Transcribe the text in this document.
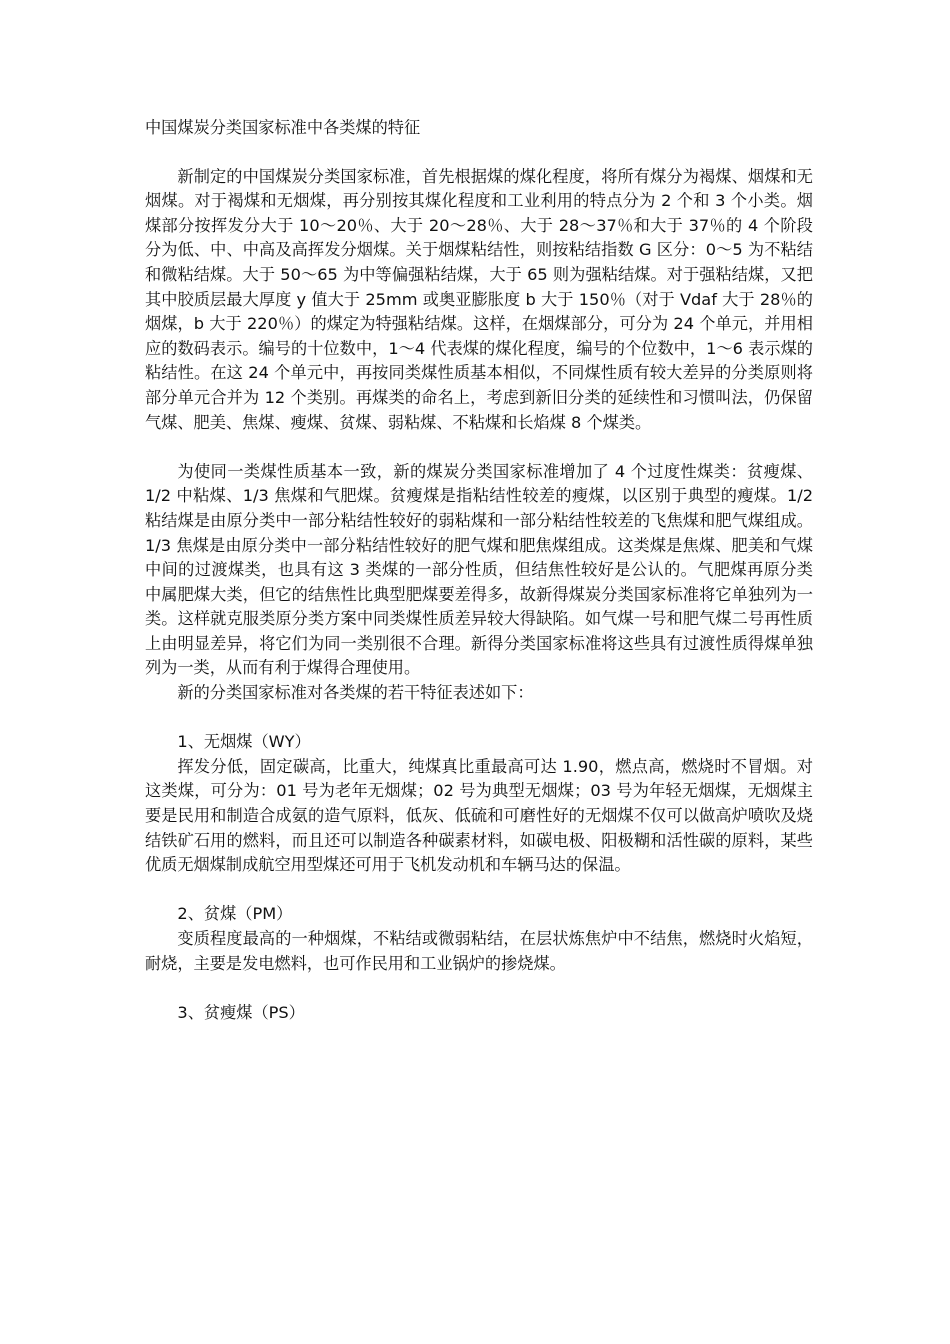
中国煤炭分类国家标准中各类煤的特征

新制定的中国煤炭分类国家标准，首先根据煤的煤化程度，将所有煤分为褐煤、烟煤和无烟煤。对于褐煤和无烟煤，再分别按其煤化程度和工业利用的特点分为 2 个和 3 个小类。烟煤部分按挥发分大于 10～20％、大于 20～28％、大于 28～37％和大于 37％的 4 个阶段分为低、中、中高及高挥发分烟煤。关于烟煤粘结性，则按粘结指数 G 区分：0～5 为不粘结和微粘结煤。大于 50～65 为中等偏强粘结煤，大于 65 则为强粘结煤。对于强粘结煤，又把其中胶质层最大厚度 y 值大于 25mm 或奥亚膨胀度 b 大于 150％（对于 Vdaf 大于 28％的烟煤，b 大于 220％）的煤定为特强粘结煤。这样，在烟煤部分，可分为 24 个单元，并用相应的数码表示。编号的十位数中，1～4 代表煤的煤化程度，编号的个位数中，1～6 表示煤的粘结性。在这 24 个单元中，再按同类煤性质基本相似，不同煤性质有较大差异的分类原则将部分单元合并为 12 个类别。再煤类的命名上，考虑到新旧分类的延续性和习惯叫法，仍保留气煤、肥美、焦煤、瘦煤、贫煤、弱粘煤、不粘煤和长焰煤 8 个煤类。

为使同一类煤性质基本一致，新的煤炭分类国家标准增加了 4 个过度性煤类：贫瘦煤、1/2 中粘煤、1/3 焦煤和气肥煤。贫瘦煤是指粘结性较差的瘦煤，以区别于典型的瘦煤。1/2 粘结煤是由原分类中一部分粘结性较好的弱粘煤和一部分粘结性较差的飞焦煤和肥气煤组成。1/3 焦煤是由原分类中一部分粘结性较好的肥气煤和肥焦煤组成。这类煤是焦煤、肥美和气煤中间的过渡煤类，也具有这 3 类煤的一部分性质，但结焦性较好是公认的。气肥煤再原分类中属肥煤大类，但它的结焦性比典型肥煤要差得多，故新得煤炭分类国家标准将它单独列为一类。这样就克服类原分类方案中同类煤性质差异较大得缺陷。如气煤一号和肥气煤二号再性质上由明显差异，将它们为同一类别很不合理。新得分类国家标准将这些具有过渡性质得煤单独列为一类，从而有利于煤得合理使用。

新的分类国家标准对各类煤的若干特征表述如下：

1、无烟煤（WY）

挥发分低，固定碳高，比重大，纯煤真比重最高可达 1.90，燃点高，燃烧时不冒烟。对这类煤，可分为：01 号为老年无烟煤；02 号为典型无烟煤；03 号为年轻无烟煤，无烟煤主要是民用和制造合成氨的造气原料，低灰、低硫和可磨性好的无烟煤不仅可以做高炉喷吹及烧结铁矿石用的燃料，而且还可以制造各种碳素材料，如碳电极、阳极糊和活性碳的原料，某些优质无烟煤制成航空用型煤还可用于飞机发动机和车辆马达的保温。

2、贫煤（PM）

变质程度最高的一种烟煤，不粘结或微弱粘结，在层状炼焦炉中不结焦，燃烧时火焰短，耐烧，主要是发电燃料，也可作民用和工业锅炉的掺烧煤。

3、贫瘦煤（PS）
